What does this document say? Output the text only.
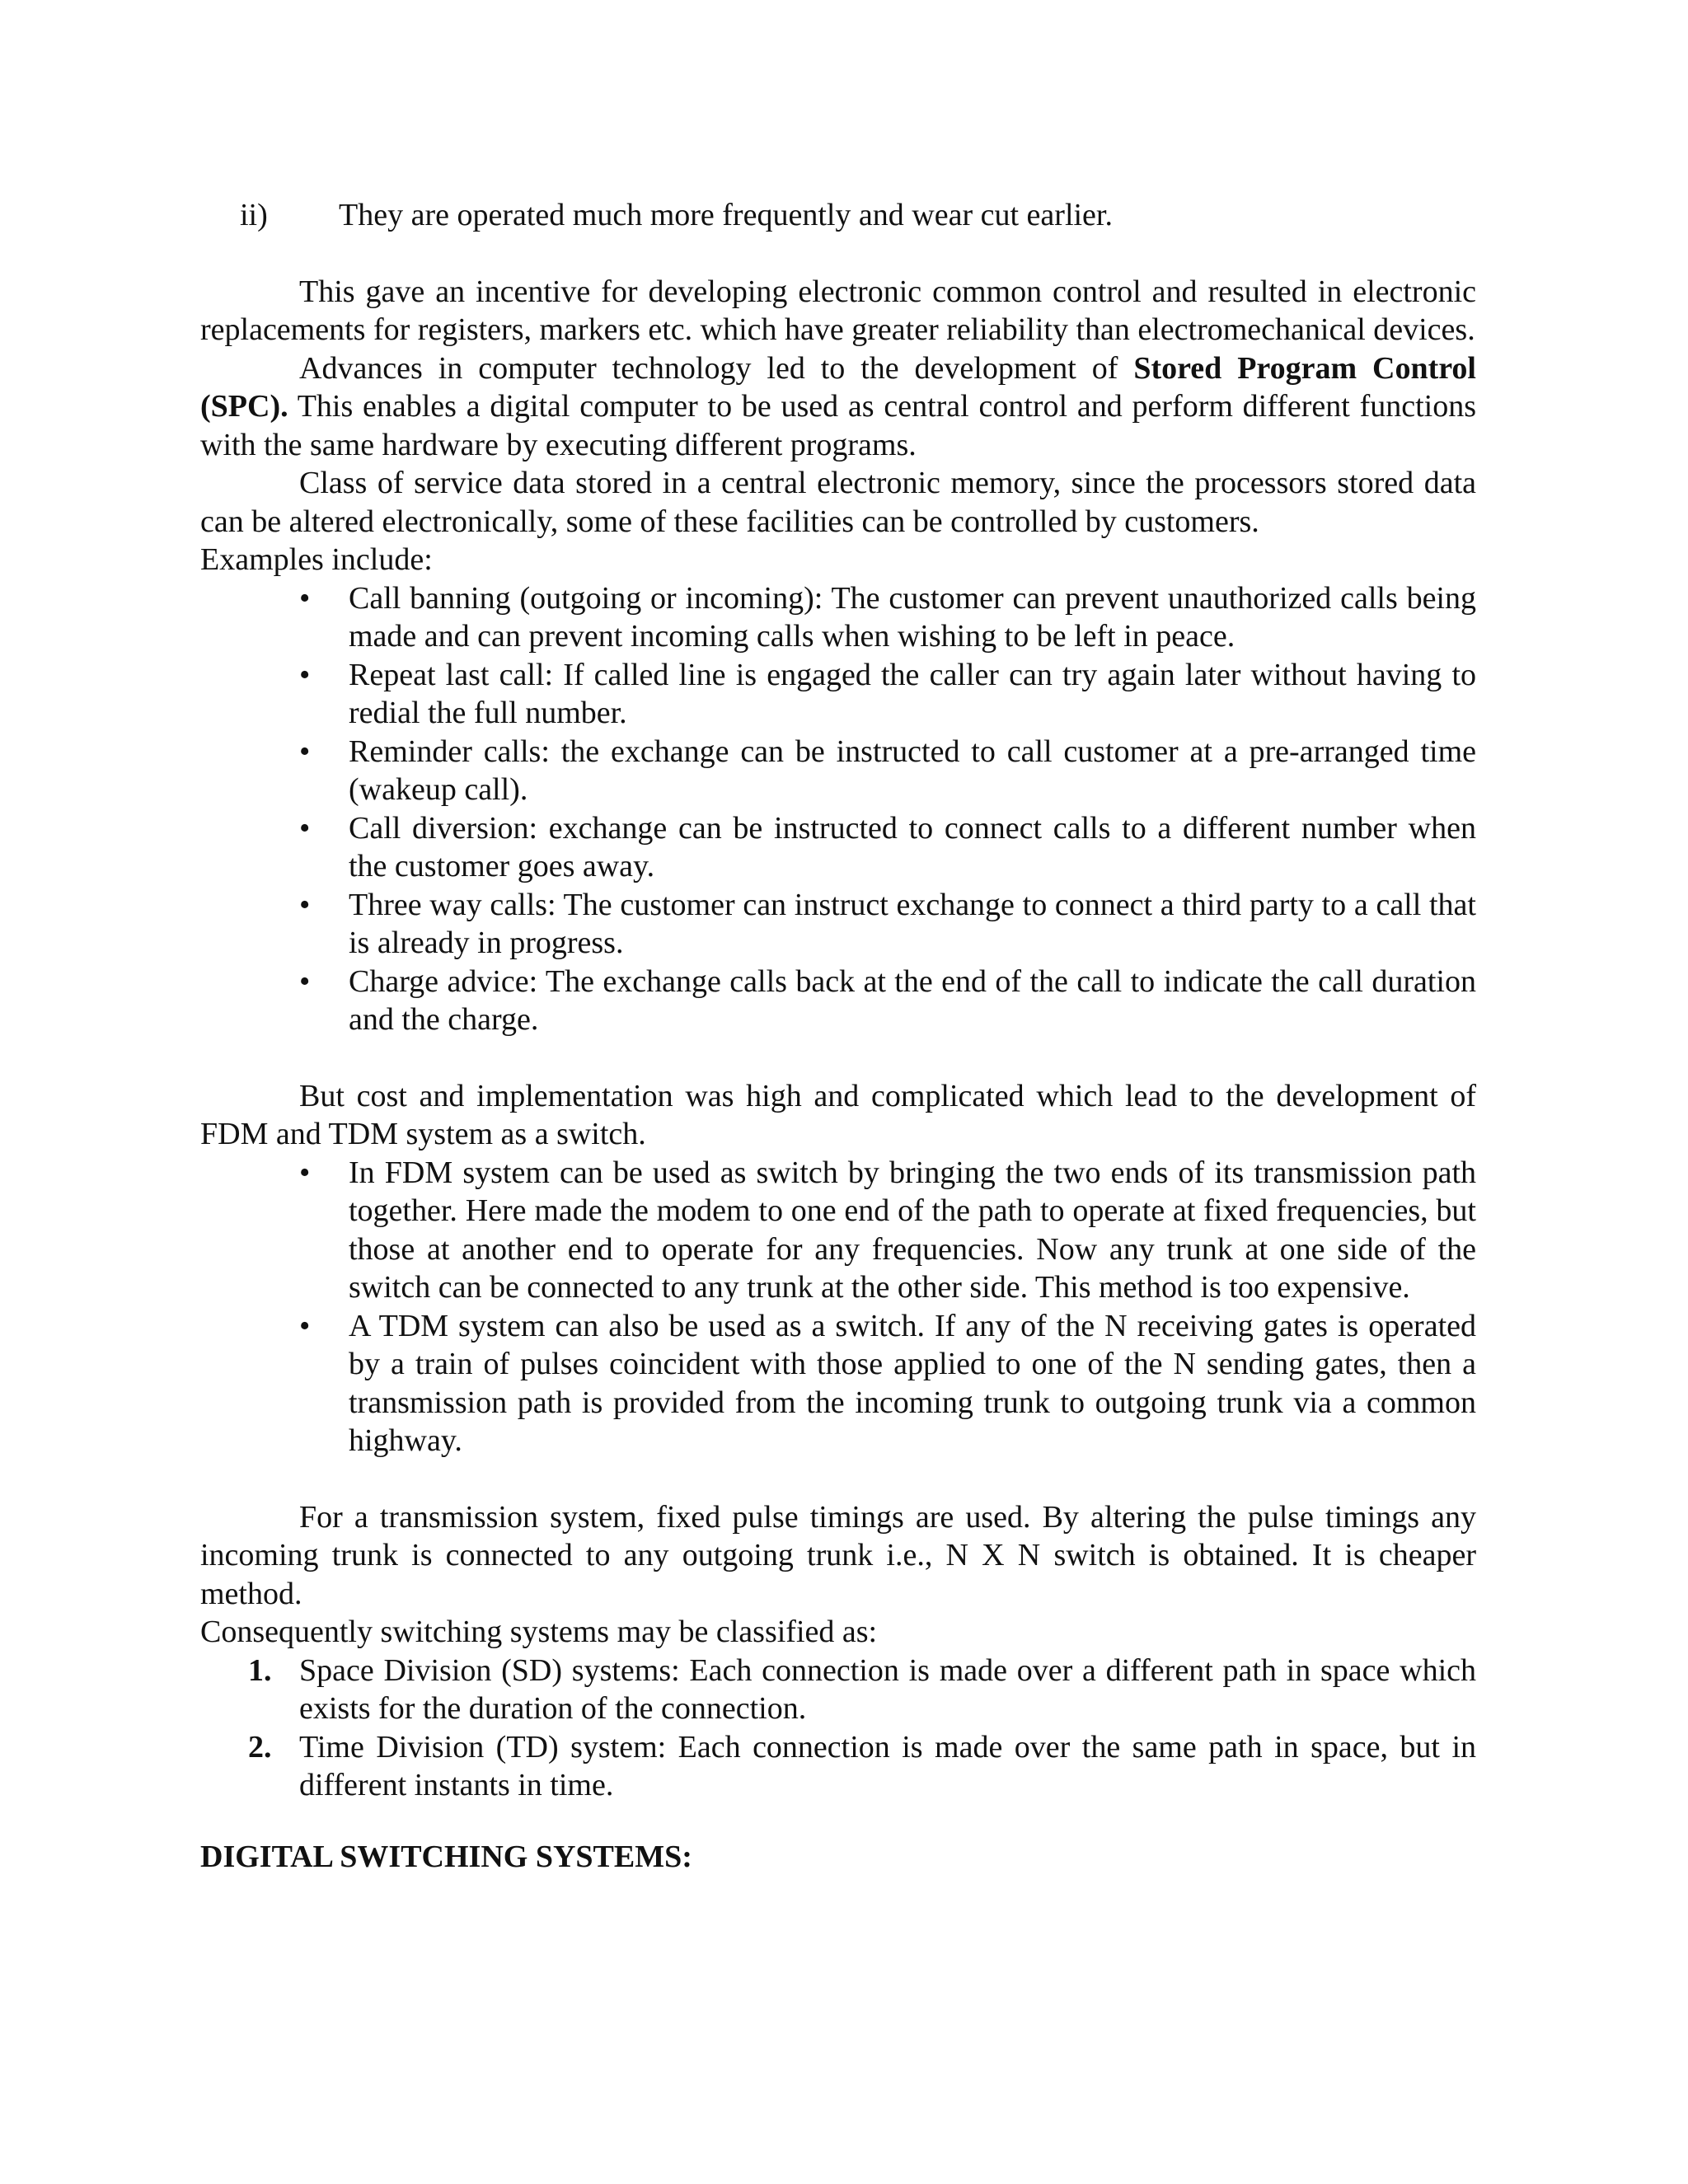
ii)	They are operated much more frequently and wear cut earlier.

This gave an incentive for developing electronic common control and resulted in electronic replacements for registers, markers etc. which have greater reliability than electromechanical devices.

Advances in computer technology led to the development of Stored Program Control (SPC). This enables a digital computer to be used as central control and perform different functions with the same hardware by executing different programs.

Class of service data stored in a central electronic memory, since the processors stored data can be altered electronically, some of these facilities can be controlled by customers.

Examples include:

•	Call banning (outgoing or incoming): The customer can prevent unauthorized calls being made and can prevent incoming calls when wishing to be left in peace.
•	Repeat last call: If called line is engaged the caller can try again later without having to redial the full number.
•	Reminder calls: the exchange can be instructed to call customer at a pre-arranged time (wakeup call).
•	Call diversion: exchange can be instructed to connect calls to a different number when the customer goes away.
•	Three way calls: The customer can instruct exchange to connect a third party to a call that is already in progress.
•	Charge advice: The exchange calls back at the end of the call to indicate the call duration and the charge.

But cost and implementation was high and complicated which lead to the development of FDM and TDM system as a switch.

•	In FDM system can be used as switch by bringing the two ends of its transmission path together. Here made the modem to one end of the path to operate at fixed frequencies, but those at another end to operate for any frequencies. Now any trunk at one side of the switch can be connected to any trunk at the other side. This method is too expensive.
•	A TDM system can also be used as a switch. If any of the N receiving gates is operated by a train of pulses coincident with those applied to one of the N sending gates, then a transmission path is provided from the incoming trunk to outgoing trunk via a common highway.

For a transmission system, fixed pulse timings are used. By altering the pulse timings any incoming trunk is connected to any outgoing trunk i.e., N X N switch is obtained. It is cheaper method.

Consequently switching systems may be classified as:

1. Space Division (SD) systems: Each connection is made over a different path in space which exists for the duration of the connection.
2. Time Division (TD) system: Each connection is made over the same path in space, but in different instants in time.

DIGITAL SWITCHING SYSTEMS:
